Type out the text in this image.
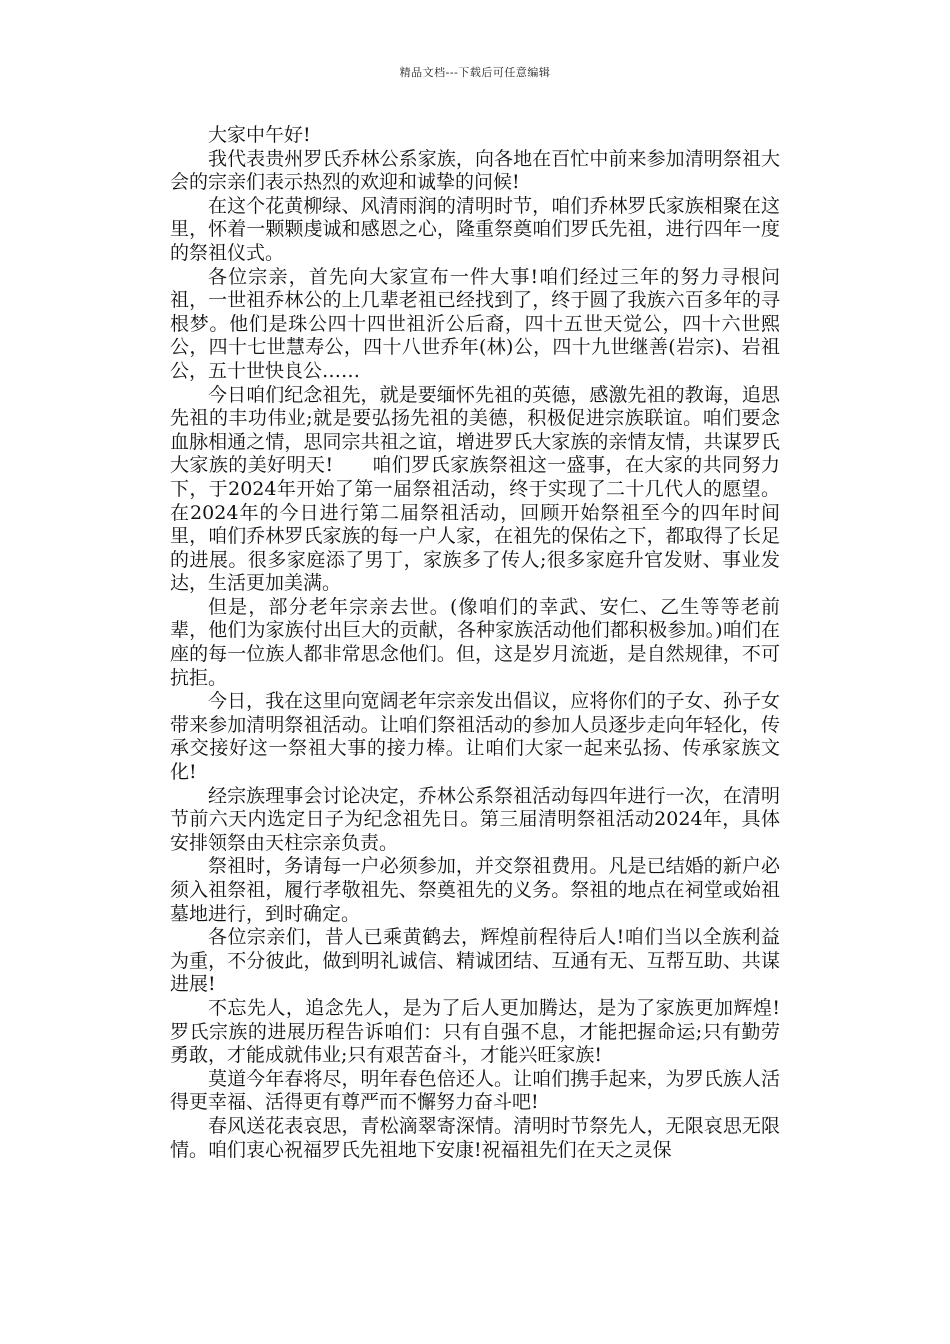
精品文档---下载后可任意编辑

大家中午好!

我代表贵州罗氏乔林公系家族，向各地在百忙中前来参加清明祭祖大会的宗亲们表示热烈的欢迎和诚挚的问候!

在这个花黄柳绿、风清雨润的清明时节，咱们乔林罗氏家族相聚在这里，怀着一颗颗虔诚和感恩之心，隆重祭奠咱们罗氏先祖，进行四年一度的祭祖仪式。

各位宗亲，首先向大家宣布一件大事!咱们经过三年的努力寻根问祖，一世祖乔林公的上几辈老祖已经找到了，终于圆了我族六百多年的寻根梦。他们是珠公四十四世祖沂公后裔，四十五世天觉公，四十六世熙公，四十七世慧寿公，四十八世乔年(林)公，四十九世继善(岩宗)、岩祖公，五十世快良公……

今日咱们纪念祖先，就是要缅怀先祖的英德，感激先祖的教诲，追思先祖的丰功伟业;就是要弘扬先祖的美德，积极促进宗族联谊。咱们要念血脉相通之情，思同宗共祖之谊，增进罗氏大家族的亲情友情，共谋罗氏大家族的美好明天!　　咱们罗氏家族祭祖这一盛事，在大家的共同努力下，于2024年开始了第一届祭祖活动，终于实现了二十几代人的愿望。在2024年的今日进行第二届祭祖活动，回顾开始祭祖至今的四年时间里，咱们乔林罗氏家族的每一户人家，在祖先的保佑之下，都取得了长足的进展。很多家庭添了男丁，家族多了传人;很多家庭升官发财、事业发达，生活更加美满。

但是，部分老年宗亲去世。(像咱们的幸武、安仁、乙生等等老前辈，他们为家族付出巨大的贡献，各种家族活动他们都积极参加。)咱们在座的每一位族人都非常思念他们。但，这是岁月流逝，是自然规律，不可抗拒。

今日，我在这里向宽阔老年宗亲发出倡议，应将你们的子女、孙子女带来参加清明祭祖活动。让咱们祭祖活动的参加人员逐步走向年轻化，传承交接好这一祭祖大事的接力棒。让咱们大家一起来弘扬、传承家族文化!

经宗族理事会讨论决定，乔林公系祭祖活动每四年进行一次，在清明节前六天内选定日子为纪念祖先日。第三届清明祭祖活动2024年，具体安排领祭由天柱宗亲负责。

祭祖时，务请每一户必须参加，并交祭祖费用。凡是已结婚的新户必须入祖祭祖，履行孝敬祖先、祭奠祖先的义务。祭祖的地点在祠堂或始祖墓地进行，到时确定。

各位宗亲们，昔人已乘黄鹤去，辉煌前程待后人!咱们当以全族利益为重，不分彼此，做到明礼诚信、精诚团结、互通有无、互帮互助、共谋进展!

不忘先人，追念先人，是为了后人更加腾达，是为了家族更加辉煌!罗氏宗族的进展历程告诉咱们：只有自强不息，才能把握命运;只有勤劳勇敢，才能成就伟业;只有艰苦奋斗，才能兴旺家族!

莫道今年春将尽，明年春色倍还人。让咱们携手起来，为罗氏族人活得更幸福、活得更有尊严而不懈努力奋斗吧!

春风送花表哀思，青松滴翠寄深情。清明时节祭先人，无限哀思无限情。咱们衷心祝福罗氏先祖地下安康!祝福祖先们在天之灵保
